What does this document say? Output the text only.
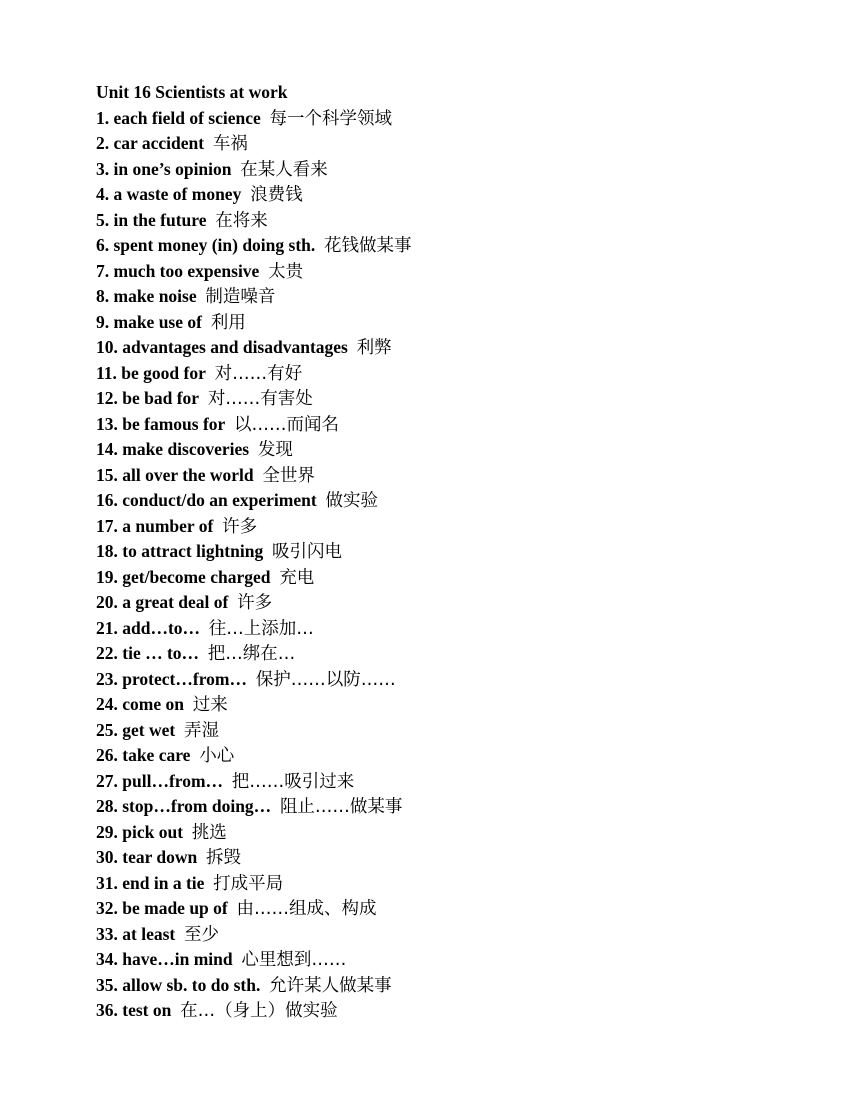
Unit 16 Scientists at work
1. each field of science 每一个科学领域
2. car accident 车祸
3. in one’s opinion 在某人看来
4. a waste of money 浪费钱
5. in the future 在将来
6. spent money (in) doing sth. 花钱做某事
7. much too expensive 太贵
8. make noise 制造噪音
9. make use of 利用
10. advantages and disadvantages 利弊
11. be good for 对……有好
12. be bad for 对……有害处
13. be famous for 以……而闻名
14. make discoveries 发现
15. all over the world 全世界
16. conduct/do an experiment 做实验
17. a number of 许多
18. to attract lightning 吸引闪电
19. get/become charged 充电
20. a great deal of 许多
21. add…to… 往…上添加…
22. tie … to… 把…绑在…
23. protect…from… 保护……以防……
24. come on 过来
25. get wet 弄湿
26. take care 小心
27. pull…from… 把……吸引过来
28. stop…from doing… 阻止……做某事
29. pick out 挑选
30. tear down 拆毁
31. end in a tie 打成平局
32. be made up of 由……组成、构成
33. at least 至少
34. have…in mind 心里想到……
35. allow sb. to do sth. 允许某人做某事
36. test on 在…（身上）做实验
